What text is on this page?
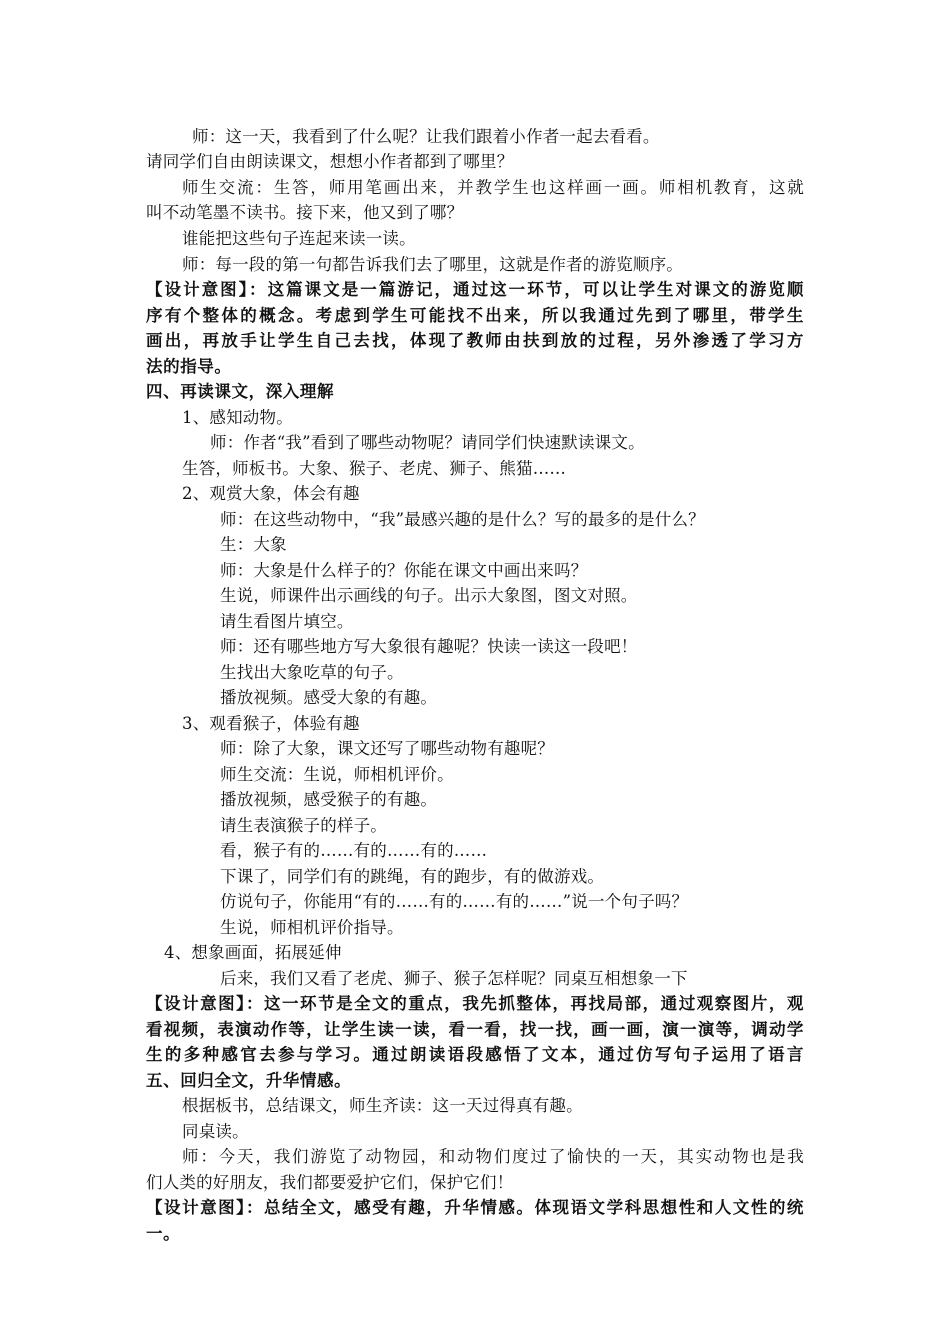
师：这一天，我看到了什么呢？让我们跟着小作者一起去看看。
请同学们自由朗读课文，想想小作者都到了哪里？
师生交流：生答，师用笔画出来，并教学生也这样画一画。师相机教育，这就
叫不动笔墨不读书。接下来，他又到了哪？
谁能把这些句子连起来读一读。
师：每一段的第一句都告诉我们去了哪里，这就是作者的游览顺序。
【设计意图】：这篇课文是一篇游记，通过这一环节，可以让学生对课文的游览顺
序有个整体的概念。考虑到学生可能找不出来，所以我通过先到了哪里，带学生
画出，再放手让学生自己去找，体现了教师由扶到放的过程，另外渗透了学习方
法的指导。
四、再读课文，深入理解
1、感知动物。
师：作者“我”看到了哪些动物呢？请同学们快速默读课文。
生答，师板书。大象、猴子、老虎、狮子、熊猫……
2、观赏大象，体会有趣
师：在这些动物中，“我”最感兴趣的是什么？写的最多的是什么？
生：大象
师：大象是什么样子的？你能在课文中画出来吗？
生说，师课件出示画线的句子。出示大象图，图文对照。
请生看图片填空。
师：还有哪些地方写大象很有趣呢？快读一读这一段吧！
生找出大象吃草的句子。
播放视频。感受大象的有趣。
3、观看猴子，体验有趣
师：除了大象，课文还写了哪些动物有趣呢？
师生交流：生说，师相机评价。
播放视频，感受猴子的有趣。
请生表演猴子的样子。
看，猴子有的……有的……有的……
下课了，同学们有的跳绳，有的跑步，有的做游戏。
仿说句子，你能用“有的……有的……有的……”说一个句子吗？
生说，师相机评价指导。
4、想象画面，拓展延伸
后来，我们又看了老虎、狮子、猴子怎样呢？同桌互相想象一下
【设计意图】：这一环节是全文的重点，我先抓整体，再找局部，通过观察图片，观
看视频，表演动作等，让学生读一读，看一看，找一找，画一画，演一演等，调动学
生的多种感官去参与学习。通过朗读语段感悟了文本，通过仿写句子运用了语言
五、回归全文，升华情感。
根据板书，总结课文，师生齐读：这一天过得真有趣。
同桌读。
师：今天，我们游览了动物园，和动物们度过了愉快的一天，其实动物也是我
们人类的好朋友，我们都要爱护它们，保护它们！
【设计意图】：总结全文，感受有趣，升华情感。体现语文学科思想性和人文性的统
一。
